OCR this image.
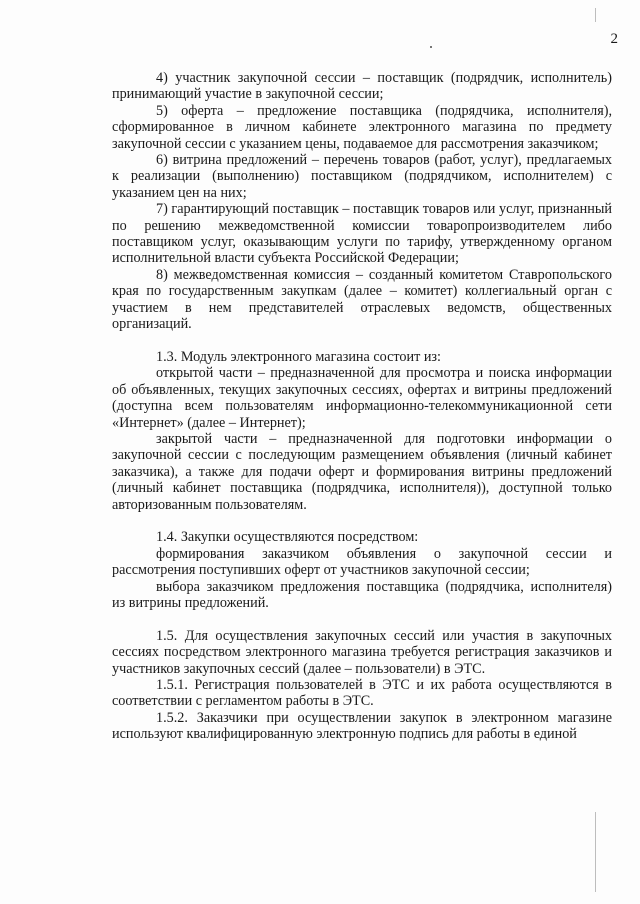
2

4) участник закупочной сессии – поставщик (подрядчик, исполнитель) принимающий участие в закупочной сессии;

5) оферта – предложение поставщика (подрядчика, исполнителя), сформированное в личном кабинете электронного магазина по предмету закупочной сессии с указанием цены, подаваемое для рассмотрения заказчиком;

6) витрина предложений – перечень товаров (работ, услуг), предлагаемых к реализации (выполнению) поставщиком (подрядчиком, исполнителем) с указанием цен на них;

7) гарантирующий поставщик – поставщик товаров или услуг, признанный по решению межведомственной комиссии товаропроизводителем либо поставщиком услуг, оказывающим услуги по тарифу, утвержденному органом исполнительной власти субъекта Российской Федерации;

8) межведомственная комиссия – созданный комитетом Ставропольского края по государственным закупкам (далее – комитет) коллегиальный орган с участием в нем представителей отраслевых ведомств, общественных организаций.

1.3. Модуль электронного магазина состоит из:

открытой части – предназначенной для просмотра и поиска информации об объявленных, текущих закупочных сессиях, офертах и витрины предложений (доступна всем пользователям информационно-телекоммуникационной сети «Интернет» (далее – Интернет);

закрытой части – предназначенной для подготовки информации о закупочной сессии с последующим размещением объявления (личный кабинет заказчика), а также для подачи оферт и формирования витрины предложений (личный кабинет поставщика (подрядчика, исполнителя)), доступной только авторизованным пользователям.

1.4. Закупки осуществляются посредством:

формирования заказчиком объявления о закупочной сессии и рассмотрения поступивших оферт от участников закупочной сессии;

выбора заказчиком предложения поставщика (подрядчика, исполнителя) из витрины предложений.

1.5. Для осуществления закупочных сессий или участия в закупочных сессиях посредством электронного магазина требуется регистрация заказчиков и участников закупочных сессий (далее – пользователи) в ЭТС.

1.5.1. Регистрация пользователей в ЭТС и их работа осуществляются в соответствии с регламентом работы в ЭТС.

1.5.2. Заказчики при осуществлении закупок в электронном магазине используют квалифицированную электронную подпись для работы в единой
